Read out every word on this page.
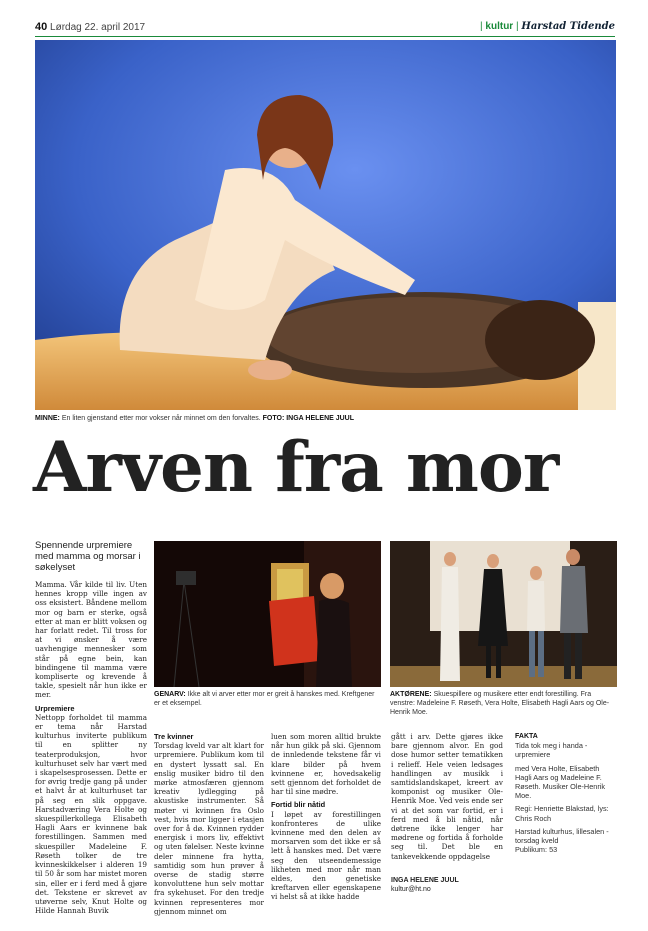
40 Lørdag 22. april 2017	| kultur | Harstad Tidende
MINNE: En liten gjenstand etter mor vokser når minnet om den forvaltes. FOTO: INGA HELENE JUUL
Arven fra mor
Spennende urpremiere med mamma og morsar i søkelyset

Mamma. Vår kilde til liv. Uten hennes kropp ville ingen av oss eksistert. Båndene mellom mor og barn er sterke, også etter at man er blitt voksen og har forlatt redet. Til tross for at vi ønsker å være uavhengige mennesker som står på egne bein, kan bindingene til mamma være kompliserte og krevende å takle, spesielt når hun ikke er mer.

Urpremiere

Nettopp forholdet til mamma er tema når Harstad kulturhus inviterte publikum til en splitter ny teaterproduksjon, hvor kulturhuset selv har vært med i skapelsesprosessen. Dette er for øvrig tredje gang på under et halvt år at kulturhuset tar på seg en slik oppgave. Harstadværing Vera Holte og skuespillerkollega Elisabeth Hagli Aars er kvinnene bak forestillingen. Sammen med skuespiller Madeleine F. Røseth tolker de tre kvinneskikkelser i alderen 19 til 50 år som har mistet moren sin, eller er i ferd med å gjøre det. Tekstene er skrevet av utøverne selv, Knut Holte og Hilde Hannah Buvik

GENARV: Ikke alt vi arver etter mor er greit å hanskes med. Kreftgener er et eksempel.
AKTØRENE: Skuespillere og musikere etter endt forestilling. Fra venstre: Madeleine F. Røseth, Vera Holte, Elisabeth Hagli Aars og Ole-Henrik Moe.
Tre kvinner

Torsdag kveld var alt klart for urpremiere. Publikum kom til en dystert lyssatt sal. En enslig musiker bidro til den mørke atmosfæren gjennom kreativ lydlegging på akustiske instrumenter. Så møter vi kvinnen fra Oslo vest, hvis mor ligger i etasjen over for å dø. Kvinnen rydder energisk i mors liv, effektivt og uten følelser. Neste kvinne deler minnene fra hytta, samtidig som hun prøver å overse de stadig større konvoluttene hun selv mottar fra sykehuset. For den tredje kvinnen representeres mor gjennom minnet om

luen som moren alltid brukte når hun gikk på ski. Gjennom de innledende tekstene får vi klare bilder på hvem kvinnene er, hovedsakelig sett gjennom det forholdet de har til sine mødre.

Fortid blir nåtid

I løpet av forestillingen konfronteres de ulike kvinnene med den delen av morsarven som det ikke er så lett å hanskes med. Det være seg den utseendemessige likheten med mor når man eldes, den genetiske kreftarven eller egenskapene vi helst så at ikke hadde

gått i arv. Dette gjøres ikke bare gjennom alvor. En god dose humor setter tematikken i relieff. Hele veien ledsages handlingen av musikk i samtidslandskapet, kreert av komponist og musiker Ole-Henrik Moe. Ved veis ende ser vi at det som var fortid, er i ferd med å bli nåtid, når døtrene ikke lenger har mødrene og fortida å forholde seg til. Det ble en tankevekkende oppdagelse

INGA HELENE JUUL
kultur@ht.no
FAKTA
Tida tok meg i handa - urpremiere
med Vera Holte, Elisabeth Hagli Aars og Madeleine F. Røseth. Musiker Ole-Henrik Moe.
Regi: Henriette Blakstad, lys: Chris Roch
Harstad kulturhus, lillesalen - torsdag kveld
Publikum: 53
